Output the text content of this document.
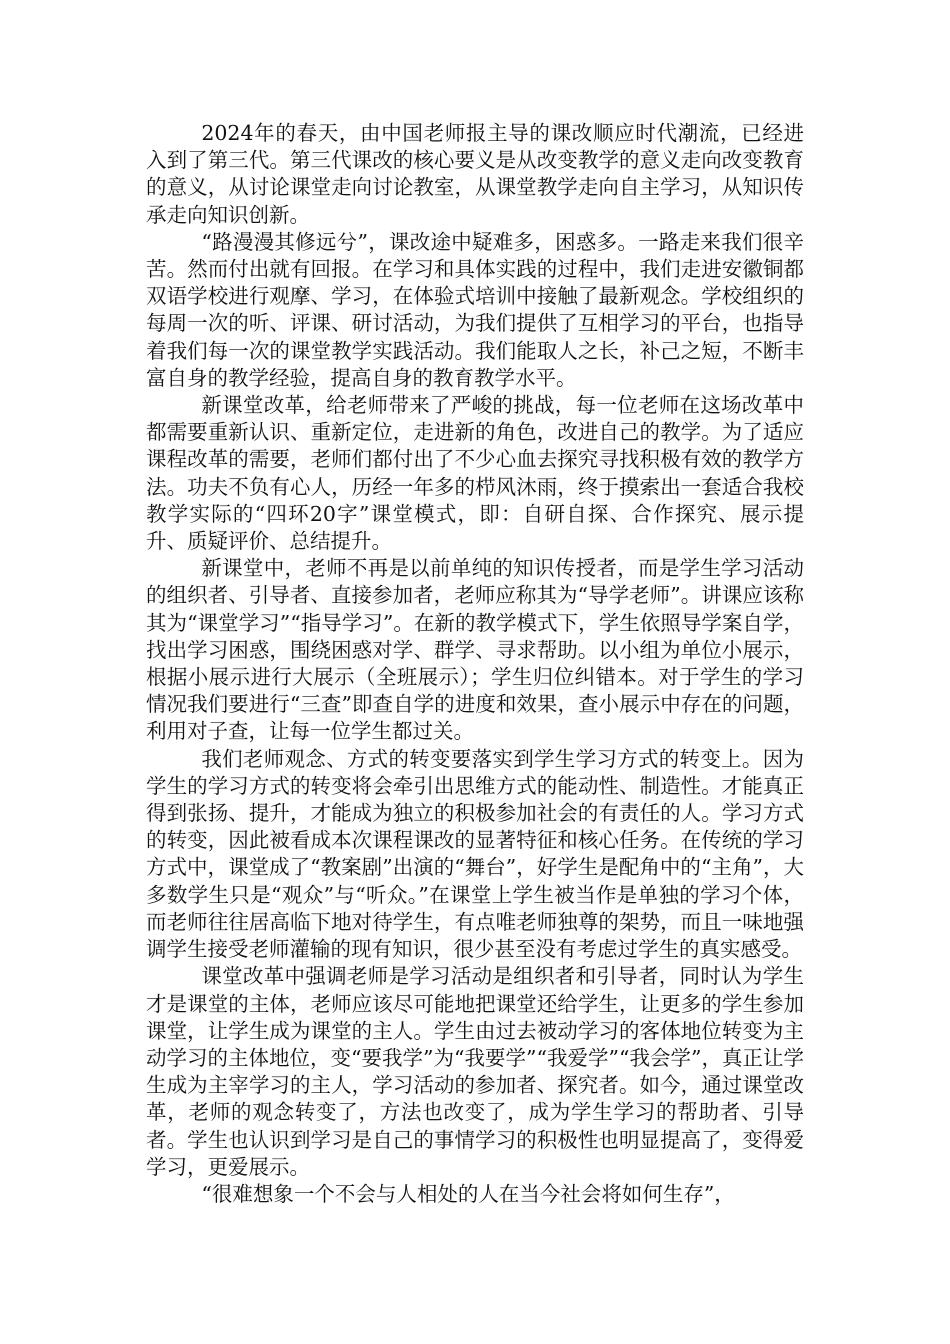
2024年的春天，由中国老师报主导的课改顺应时代潮流，已经进入到了第三代。第三代课改的核心要义是从改变教学的意义走向改变教育的意义，从讨论课堂走向讨论教室，从课堂教学走向自主学习，从知识传承走向知识创新。

“路漫漫其修远兮”，课改途中疑难多，困惑多。一路走来我们很辛苦。然而付出就有回报。在学习和具体实践的过程中，我们走进安徽铜都双语学校进行观摩、学习，在体验式培训中接触了最新观念。学校组织的每周一次的听、评课、研讨活动，为我们提供了互相学习的平台，也指导着我们每一次的课堂教学实践活动。我们能取人之长，补己之短，不断丰富自身的教学经验，提高自身的教育教学水平。

新课堂改革，给老师带来了严峻的挑战，每一位老师在这场改革中都需要重新认识、重新定位，走进新的角色，改进自己的教学。为了适应课程改革的需要，老师们都付出了不少心血去探究寻找积极有效的教学方法。功夫不负有心人，历经一年多的栉风沐雨，终于摸索出一套适合我校教学实际的“四环20字”课堂模式，即：自研自探、合作探究、展示提升、质疑评价、总结提升。

新课堂中，老师不再是以前单纯的知识传授者，而是学生学习活动的组织者、引导者、直接参加者，老师应称其为“导学老师”。讲课应该称其为“课堂学习”“指导学习”。在新的教学模式下，学生依照导学案自学，找出学习困惑，围绕困惑对学、群学、寻求帮助。以小组为单位小展示，根据小展示进行大展示（全班展示）；学生归位纠错本。对于学生的学习情况我们要进行“三查”即查自学的进度和效果，查小展示中存在的问题，利用对子查，让每一位学生都过关。

我们老师观念、方式的转变要落实到学生学习方式的转变上。因为学生的学习方式的转变将会牵引出思维方式的能动性、制造性。才能真正得到张扬、提升，才能成为独立的积极参加社会的有责任的人。学习方式的转变，因此被看成本次课程课改的显著特征和核心任务。在传统的学习方式中，课堂成了“教案剧”出演的“舞台”，好学生是配角中的“主角”，大多数学生只是“观众”与“听众。”在课堂上学生被当作是单独的学习个体，而老师往往居高临下地对待学生，有点唯老师独尊的架势，而且一味地强调学生接受老师灌输的现有知识，很少甚至没有考虑过学生的真实感受。

课堂改革中强调老师是学习活动是组织者和引导者，同时认为学生才是课堂的主体，老师应该尽可能地把课堂还给学生，让更多的学生参加课堂，让学生成为课堂的主人。学生由过去被动学习的客体地位转变为主动学习的主体地位，变“要我学”为“我要学”“我爱学”“我会学”，真正让学生成为主宰学习的主人，学习活动的参加者、探究者。如今，通过课堂改革，老师的观念转变了，方法也改变了，成为学生学习的帮助者、引导者。学生也认识到学习是自己的事情学习的积极性也明显提高了，变得爱学习，更爱展示。

“很难想象一个不会与人相处的人在当今社会将如何生存”，
